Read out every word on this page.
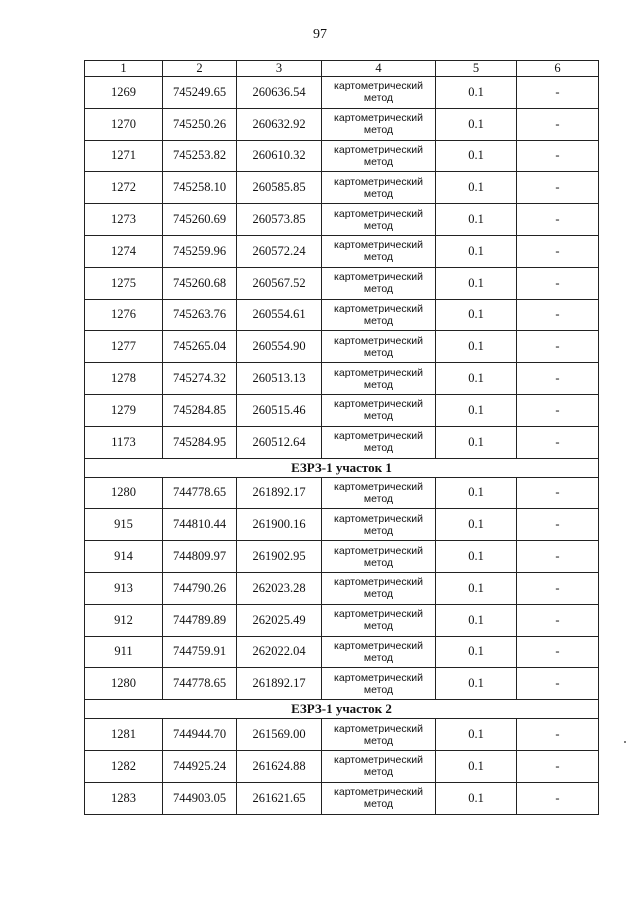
97
1	2	3	4	5	6
1269	745249.65	260636.54	картометрический метод	0.1	-
1270	745250.26	260632.92	картометрический метод	0.1	-
1271	745253.82	260610.32	картометрический метод	0.1	-
1272	745258.10	260585.85	картометрический метод	0.1	-
1273	745260.69	260573.85	картометрический метод	0.1	-
1274	745259.96	260572.24	картометрический метод	0.1	-
1275	745260.68	260567.52	картометрический метод	0.1	-
1276	745263.76	260554.61	картометрический метод	0.1	-
1277	745265.04	260554.90	картометрический метод	0.1	-
1278	745274.32	260513.13	картометрический метод	0.1	-
1279	745284.85	260515.46	картометрический метод	0.1	-
1173	745284.95	260512.64	картометрический метод	0.1	-
ЕЗРЗ-1 участок 1					
1280	744778.65	261892.17	картометрический метод	0.1	-
915	744810.44	261900.16	картометрический метод	0.1	-
914	744809.97	261902.95	картометрический метод	0.1	-
913	744790.26	262023.28	картометрический метод	0.1	-
912	744789.89	262025.49	картометрический метод	0.1	-
911	744759.91	262022.04	картометрический метод	0.1	-
1280	744778.65	261892.17	картометрический метод	0.1	-
ЕЗРЗ-1 участок 2					
1281	744944.70	261569.00	картометрический метод	0.1	-
1282	744925.24	261624.88	картометрический метод	0.1	-
1283	744903.05	261621.65	картометрический метод	0.1	-
